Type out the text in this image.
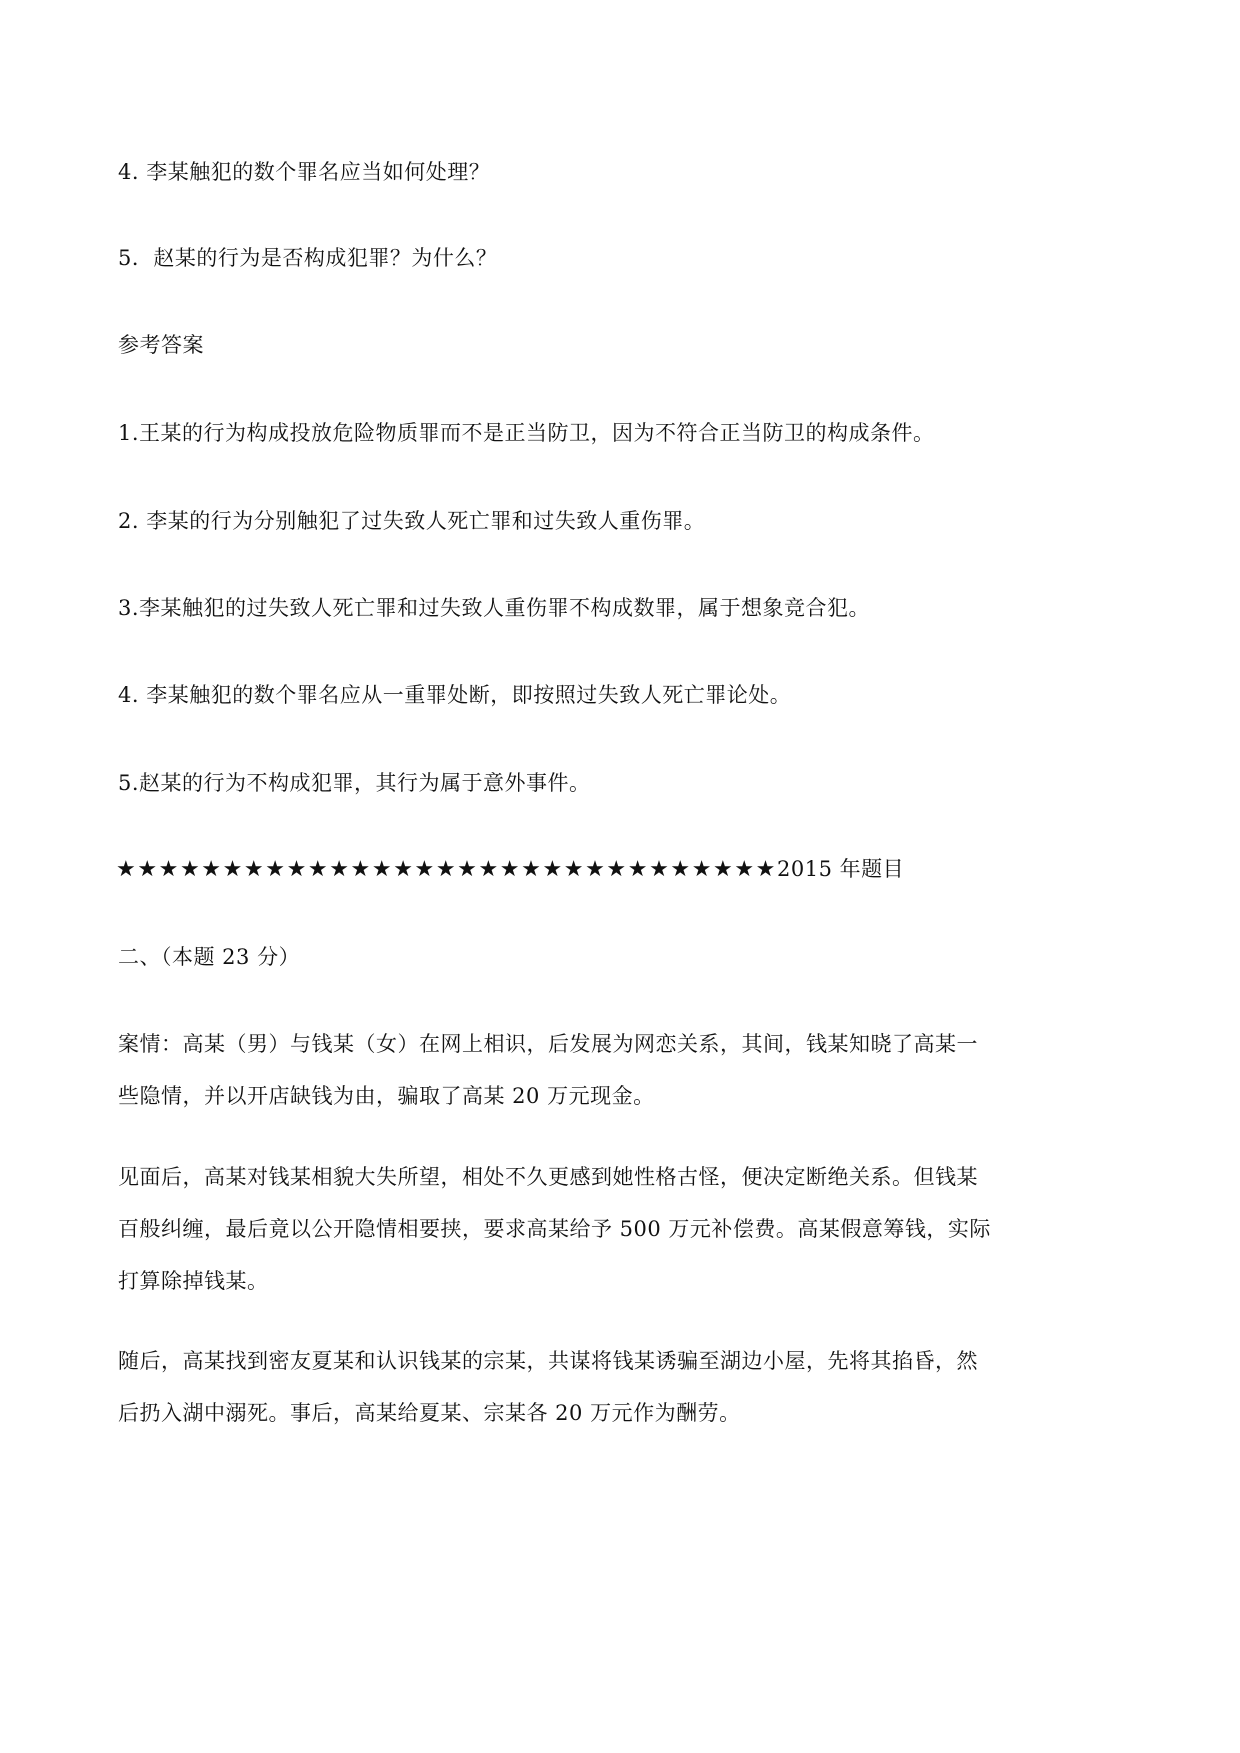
4. 李某触犯的数个罪名应当如何处理？
5．赵某的行为是否构成犯罪？为什么？
参考答案
1.王某的行为构成投放危险物质罪而不是正当防卫，因为不符合正当防卫的构成条件。
2. 李某的行为分别触犯了过失致人死亡罪和过失致人重伤罪。
3.李某触犯的过失致人死亡罪和过失致人重伤罪不构成数罪，属于想象竞合犯。
4. 李某触犯的数个罪名应从一重罪处断，即按照过失致人死亡罪论处。
5.赵某的行为不构成犯罪，其行为属于意外事件。
★★★★★★★★★★★★★★★★★★★★★★★★★★★★★★★2015 年题目
二、（本题 23 分）
案情：高某（男）与钱某（女）在网上相识，后发展为网恋关系，其间，钱某知晓了高某一
些隐情，并以开店缺钱为由，骗取了高某 20 万元现金。
见面后，高某对钱某相貌大失所望，相处不久更感到她性格古怪，便决定断绝关系。但钱某
百般纠缠，最后竟以公开隐情相要挟，要求高某给予 500 万元补偿费。高某假意筹钱，实际
打算除掉钱某。
随后，高某找到密友夏某和认识钱某的宗某，共谋将钱某诱骗至湖边小屋，先将其掐昏，然
后扔入湖中溺死。事后，高某给夏某、宗某各 20 万元作为酬劳。
